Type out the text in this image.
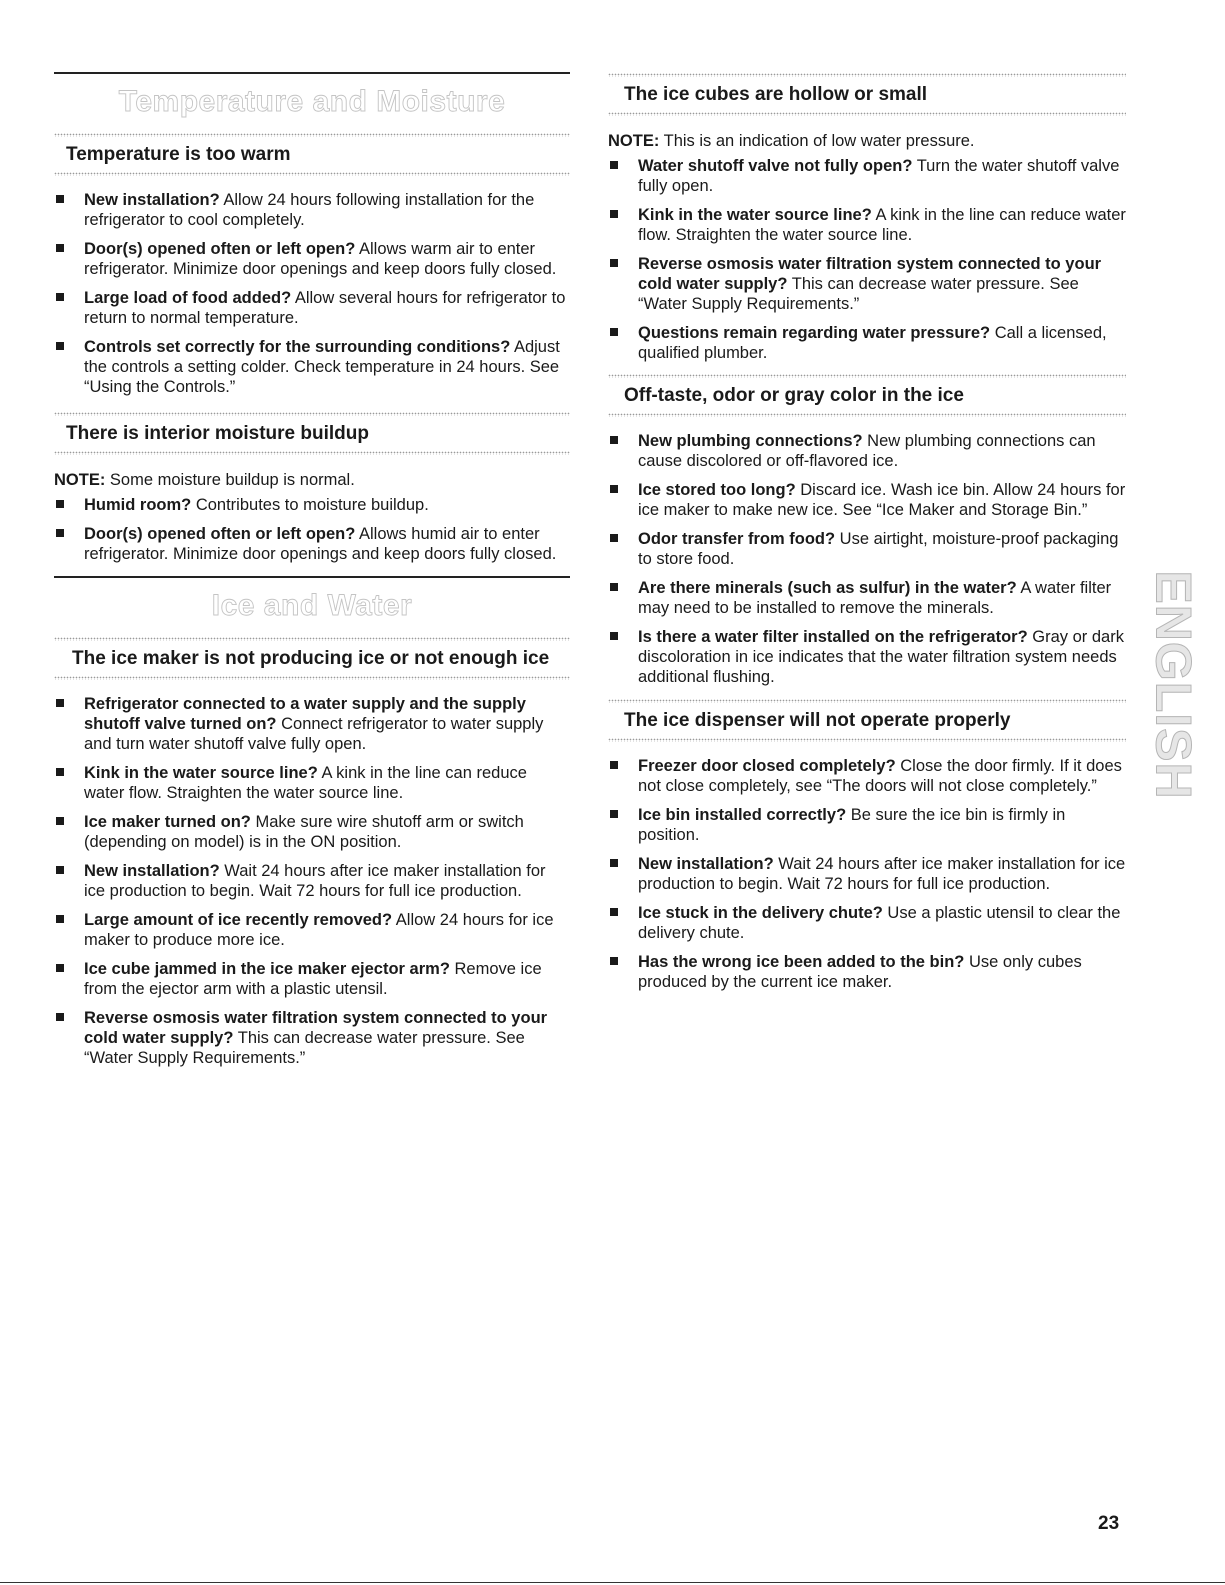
Temperature and Moisture
Temperature is too warm
New installation? Allow 24 hours following installation for the refrigerator to cool completely.
Door(s) opened often or left open? Allows warm air to enter refrigerator. Minimize door openings and keep doors fully closed.
Large load of food added? Allow several hours for refrigerator to return to normal temperature.
Controls set correctly for the surrounding conditions? Adjust the controls a setting colder. Check temperature in 24 hours. See “Using the Controls.”
There is interior moisture buildup

NOTE: Some moisture buildup is normal.

Humid room? Contributes to moisture buildup.
Door(s) opened often or left open? Allows humid air to enter refrigerator. Minimize door openings and keep doors fully closed.
Ice and Water
The ice maker is not producing ice or not enough ice
Refrigerator connected to a water supply and the supply shutoff valve turned on? Connect refrigerator to water supply and turn water shutoff valve fully open.
Kink in the water source line? A kink in the line can reduce water flow. Straighten the water source line.
Ice maker turned on? Make sure wire shutoff arm or switch (depending on model) is in the ON position.
New installation? Wait 24 hours after ice maker installation for ice production to begin. Wait 72 hours for full ice production.
Large amount of ice recently removed? Allow 24 hours for ice maker to produce more ice.
Ice cube jammed in the ice maker ejector arm? Remove ice from the ejector arm with a plastic utensil.
Reverse osmosis water filtration system connected to your cold water supply? This can decrease water pressure. See “Water Supply Requirements.”
The ice cubes are hollow or small

NOTE: This is an indication of low water pressure.

Water shutoff valve not fully open? Turn the water shutoff valve fully open.
Kink in the water source line? A kink in the line can reduce water flow. Straighten the water source line.
Reverse osmosis water filtration system connected to your cold water supply? This can decrease water pressure. See “Water Supply Requirements.”
Questions remain regarding water pressure? Call a licensed, qualified plumber.
Off-taste, odor or gray color in the ice
New plumbing connections? New plumbing connections can cause discolored or off-flavored ice.
Ice stored too long? Discard ice. Wash ice bin. Allow 24 hours for ice maker to make new ice. See “Ice Maker and Storage Bin.”
Odor transfer from food? Use airtight, moisture-proof packaging to store food.
Are there minerals (such as sulfur) in the water? A water filter may need to be installed to remove the minerals.
Is there a water filter installed on the refrigerator? Gray or dark discoloration in ice indicates that the water filtration system needs additional flushing.
The ice dispenser will not operate properly
Freezer door closed completely? Close the door firmly. If it does not close completely, see “The doors will not close completely.”
Ice bin installed correctly? Be sure the ice bin is firmly in position.
New installation? Wait 24 hours after ice maker installation for ice production to begin. Wait 72 hours for full ice production.
Ice stuck in the delivery chute? Use a plastic utensil to clear the delivery chute.
Has the wrong ice been added to the bin? Use only cubes produced by the current ice maker.
ENGLISH
23
